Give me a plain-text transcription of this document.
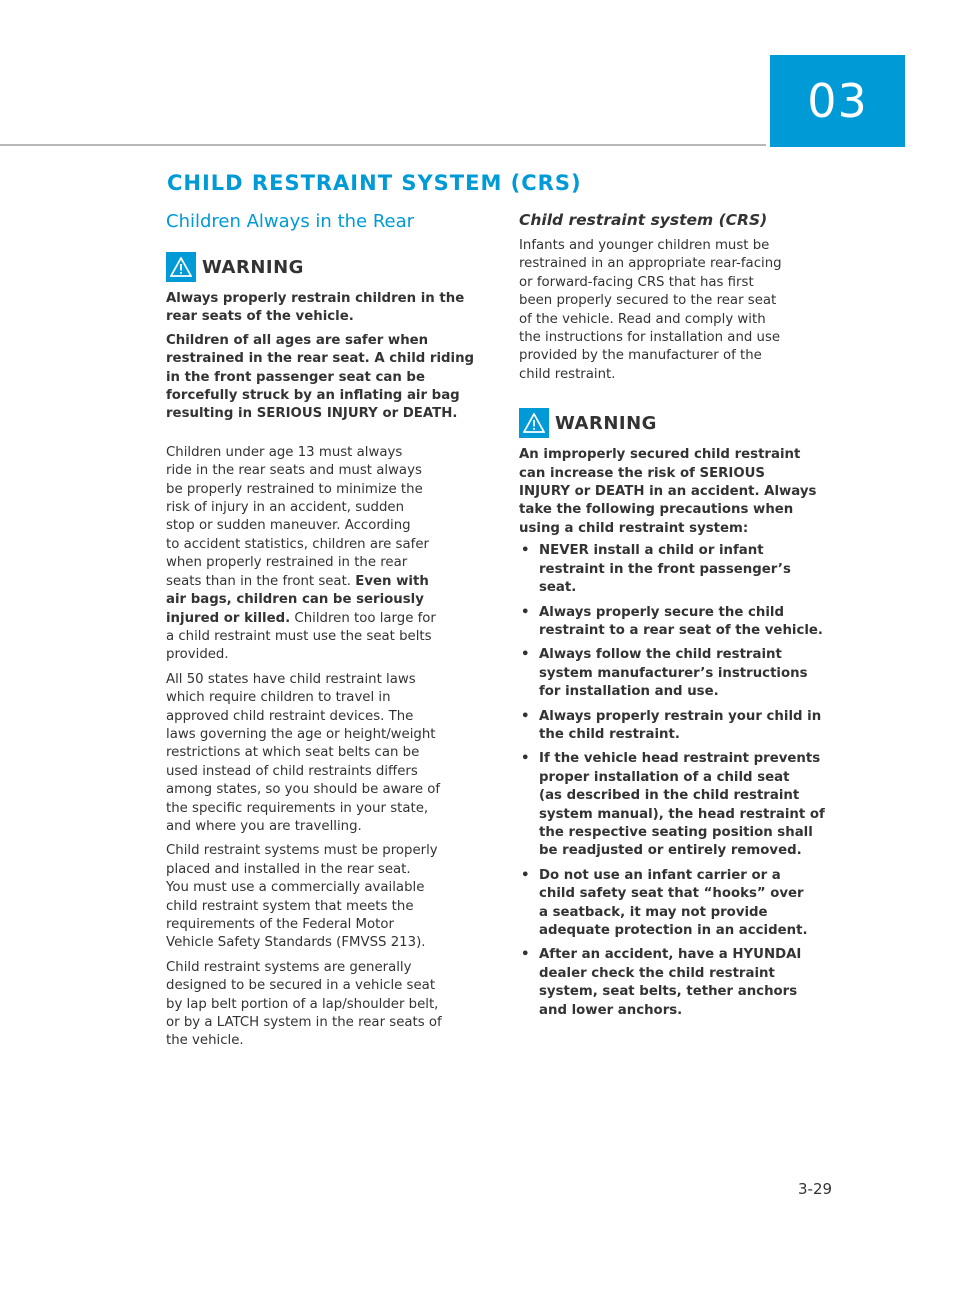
03
CHILD RESTRAINT SYSTEM (CRS)
Children Always in the Rear
WARNING

Always properly restrain children in the
rear seats of the vehicle.

Children of all ages are safer when
restrained in the rear seat. A child riding
in the front passenger seat can be
forcefully struck by an inflating air bag
resulting in SERIOUS INJURY or DEATH.

Children under age 13 must always
ride in the rear seats and must always
be properly restrained to minimize the
risk of injury in an accident, sudden
stop or sudden maneuver. According
to accident statistics, children are safer
when properly restrained in the rear
seats than in the front seat. Even with
air bags, children can be seriously
injured or killed. Children too large for
a child restraint must use the seat belts
provided.

All 50 states have child restraint laws
which require children to travel in
approved child restraint devices. The
laws governing the age or height/weight
restrictions at which seat belts can be
used instead of child restraints differs
among states, so you should be aware of
the specific requirements in your state,
and where you are travelling.

Child restraint systems must be properly
placed and installed in the rear seat.
You must use a commercially available
child restraint system that meets the
requirements of the Federal Motor
Vehicle Safety Standards (FMVSS 213).

Child restraint systems are generally
designed to be secured in a vehicle seat
by lap belt portion of a lap/shoulder belt,
or by a LATCH system in the rear seats of
the vehicle.

Child restraint system (CRS)

Infants and younger children must be
restrained in an appropriate rear-facing
or forward-facing CRS that has first
been properly secured to the rear seat
of the vehicle. Read and comply with
the instructions for installation and use
provided by the manufacturer of the
child restraint.

WARNING

An improperly secured child restraint
can increase the risk of SERIOUS
INJURY or DEATH in an accident. Always
take the following precautions when
using a child restraint system:

• NEVER install a child or infant
restraint in the front passenger’s
seat.
• Always properly secure the child
restraint to a rear seat of the vehicle.
• Always follow the child restraint
system manufacturer’s instructions
for installation and use.
• Always properly restrain your child in
the child restraint.
• If the vehicle head restraint prevents
proper installation of a child seat
(as described in the child restraint
system manual), the head restraint of
the respective seating position shall
be readjusted or entirely removed.
• Do not use an infant carrier or a
child safety seat that “hooks” over
a seatback, it may not provide
adequate protection in an accident.
• After an accident, have a HYUNDAI
dealer check the child restraint
system, seat belts, tether anchors
and lower anchors.
3-29
